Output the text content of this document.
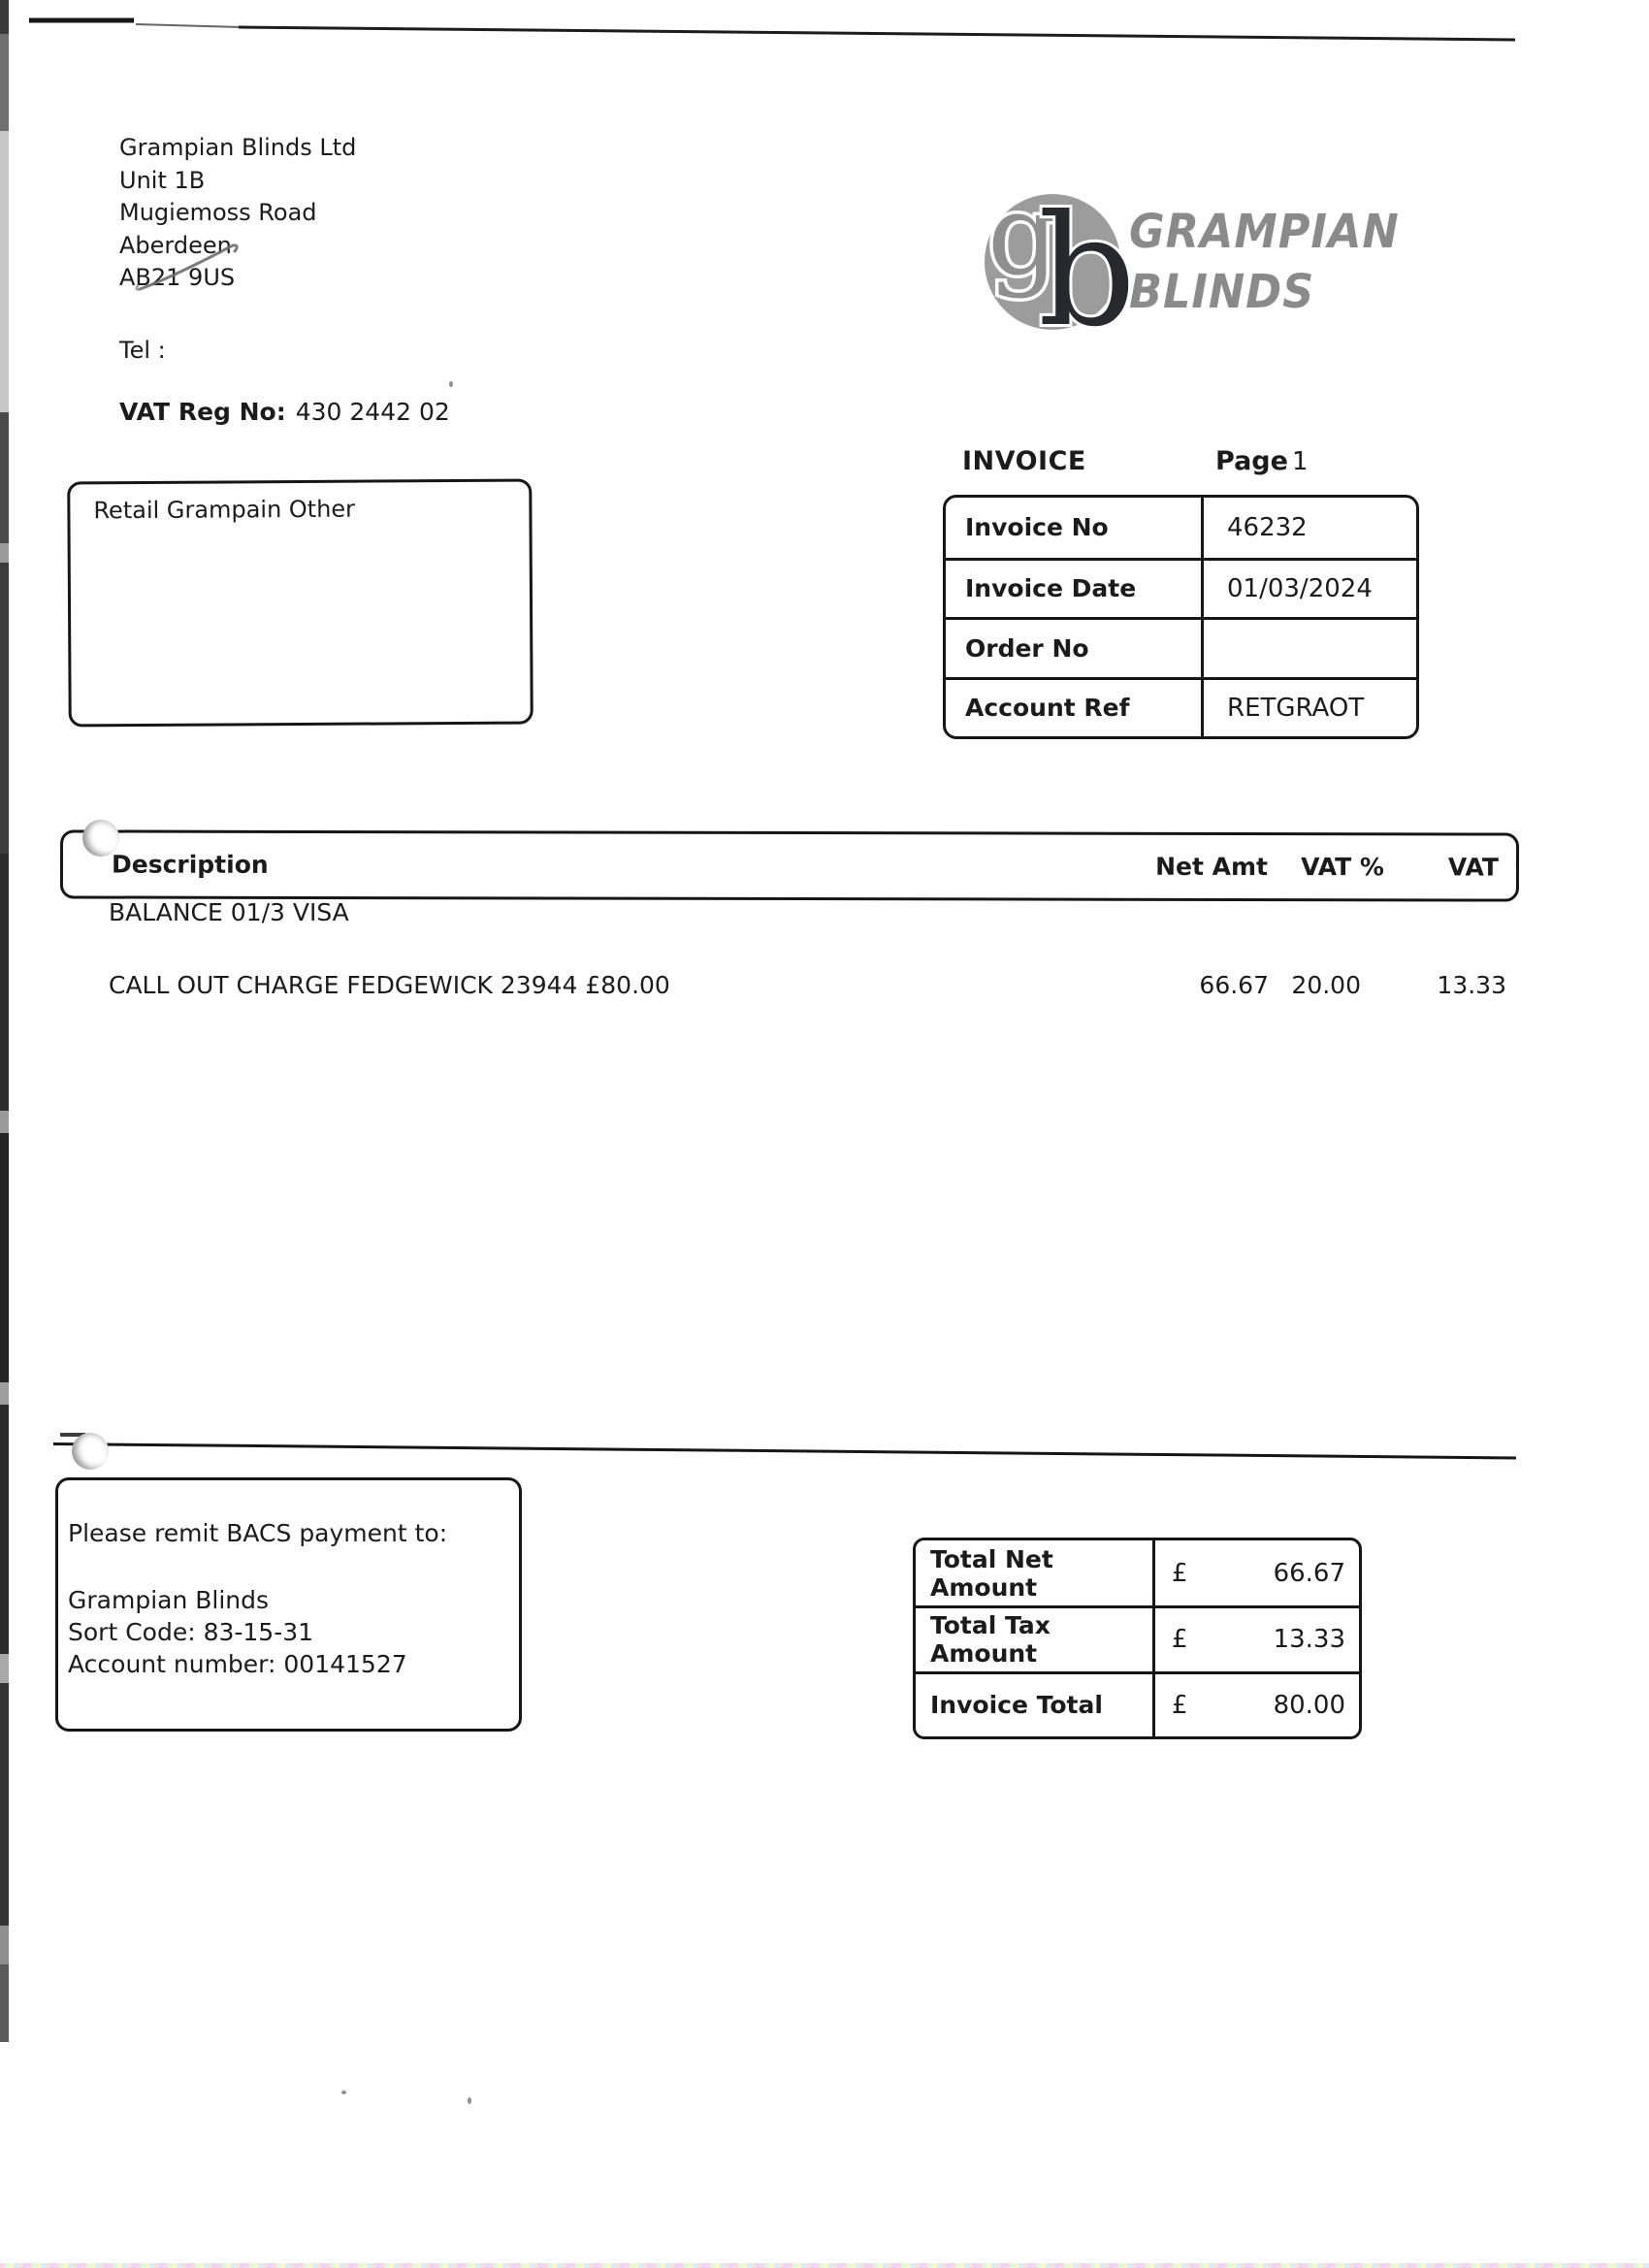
Grampian Blinds Ltd
Unit 1B
Mugiemoss Road
Aberdeen
AB21 9US
Tel :
VAT Reg No: 430 2442 02
g
b
GRAMPIAN
BLINDS
INVOICE	Page 1
Invoice No	46232
Invoice Date	01/03/2024
Order No
Account Ref	RETGRAOT
Retail Grampain Other
Description	Net Amt VAT %	VAT
BALANCE 01/3 VISA
CALL OUT CHARGE FEDGEWICK 23944 £80.00	66.67 20.00	13.33
Please remit BACS payment to:
Grampian Blinds
Sort Code: 83-15-31
Account number: 00141527
Total Net Amount	£	66.67
Total Tax Amount	£	13.33
Invoice Total	£	80.00
